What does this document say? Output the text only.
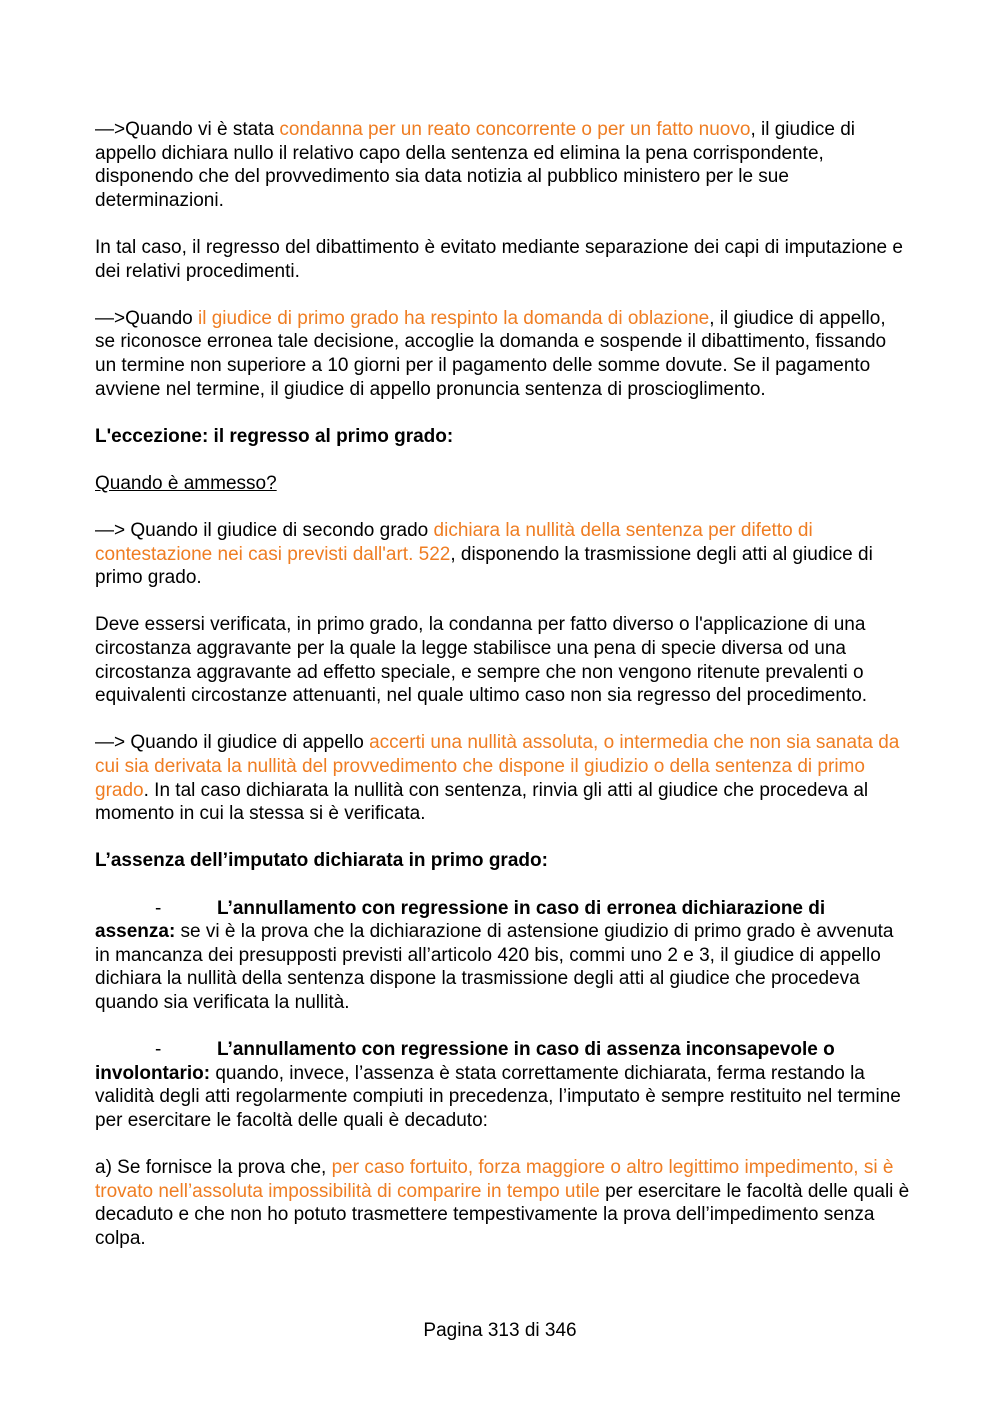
—>Quando vi è stata condanna per un reato concorrente o per un fatto nuovo, il giudice di appello dichiara nullo il relativo capo della sentenza ed elimina la pena corrispondente, disponendo che del provvedimento sia data notizia al pubblico ministero per le sue determinazioni.

In tal caso, il regresso del dibattimento è evitato mediante separazione dei capi di imputazione e dei relativi procedimenti.

—>Quando il giudice di primo grado ha respinto la domanda di oblazione, il giudice di appello, se riconosce erronea tale decisione, accoglie la domanda e sospende il dibattimento, fissando un termine non superiore a 10 giorni per il pagamento delle somme dovute. Se il pagamento avviene nel termine, il giudice di appello pronuncia sentenza di proscioglimento.

L'eccezione: il regresso al primo grado:

Quando è ammesso?

—> Quando il giudice di secondo grado dichiara la nullità della sentenza per difetto di contestazione nei casi previsti dall'art. 522, disponendo la trasmissione degli atti al giudice di primo grado.

Deve essersi verificata, in primo grado, la condanna per fatto diverso o l'applicazione di una circostanza aggravante per la quale la legge stabilisce una pena di specie diversa od una circostanza aggravante ad effetto speciale, e sempre che non vengono ritenute prevalenti o equivalenti circostanze attenuanti, nel quale ultimo caso non sia regresso del procedimento.

—> Quando il giudice di appello accerti una nullità assoluta, o intermedia che non sia sanata da cui sia derivata la nullità del provvedimento che dispone il giudizio o della sentenza di primo grado. In tal caso dichiarata la nullità con sentenza, rinvia gli atti al giudice che procedeva al momento in cui la stessa si è verificata.

L’assenza dell’imputato dichiarata in primo grado:

-	L’annullamento con regressione in caso di erronea dichiarazione di assenza: se vi è la prova che la dichiarazione di astensione giudizio di primo grado è avvenuta in mancanza dei presupposti previsti all’articolo 420 bis, commi uno 2 e 3, il giudice di appello dichiara la nullità della sentenza dispone la trasmissione degli atti al giudice che procedeva quando sia verificata la nullità.

-	L’annullamento con regressione in caso di assenza inconsapevole o involontario: quando, invece, l’assenza è stata correttamente dichiarata, ferma restando la validità degli atti regolarmente compiuti in precedenza, l’imputato è sempre restituito nel termine per esercitare le facoltà delle quali è decaduto:

a) Se fornisce la prova che, per caso fortuito, forza maggiore o altro legittimo impedimento, si è trovato nell’assoluta impossibilità di comparire in tempo utile per esercitare le facoltà delle quali è decaduto e che non ho potuto trasmettere tempestivamente la prova dell’impedimento senza colpa.

Pagina 313 di 346
